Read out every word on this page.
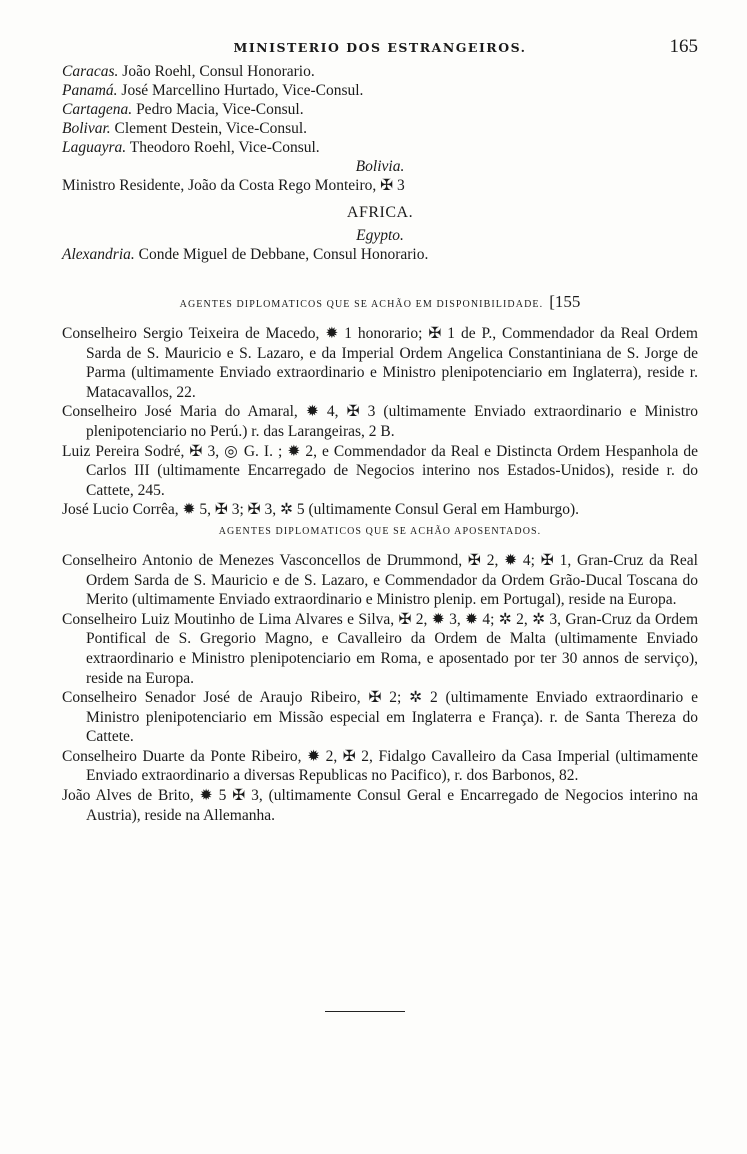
MINISTERIO DOS ESTRANGEIROS.	165
Caracas. João Roehl, Consul Honorario.
Panamá. José Marcellino Hurtado, Vice-Consul.
Cartagena. Pedro Macia, Vice-Consul.
Bolivar. Clement Destein, Vice-Consul.
Laguayra. Theodoro Roehl, Vice-Consul.
Bolivia.
Ministro Residente, João da Costa Rego Monteiro, ✠ 3
AFRICA.
Egypto.
Alexandria. Conde Miguel de Debbane, Consul Honorario.
AGENTES DIPLOMATICOS QUE SE ACHÃO EM DISPONIBILIDADE. [155
Conselheiro Sergio Teixeira de Macedo, ✹ 1 honorario; ✠ 1 de P., Commendador da Real Ordem Sarda de S. Mauricio e S. Lazaro, e da Imperial Ordem Angelica Constantiniana de S. Jorge de Parma (ultimamente Enviado extraordinario e Ministro plenipotenciario em Inglaterra), reside r. Matacavallos, 22.
Conselheiro José Maria do Amaral, ✹ 4, ✠ 3 (ultimamente Enviado extraordinario e Ministro plenipotenciario no Perú.) r. das Larangeiras, 2 B.
Luiz Pereira Sodré, ✠ 3, ◎ G. I. ; ✹ 2, e Commendador da Real e Distincta Ordem Hespanhola de Carlos III (ultimamente Encarregado de Negocios interino nos Estados-Unidos), reside r. do Cattete, 245.
José Lucio Corrêa, ✹ 5, ✠ 3; ✠ 3, ✲ 5 (ultimamente Consul Geral em Hamburgo).
AGENTES DIPLOMATICOS QUE SE ACHÃO APOSENTADOS.
Conselheiro Antonio de Menezes Vasconcellos de Drummond, ✠ 2, ✹ 4; ✠ 1, Gran-Cruz da Real Ordem Sarda de S. Mauricio e de S. Lazaro, e Commendador da Ordem Grão-Ducal Toscana do Merito (ultimamente Enviado extraordinario e Ministro plenip. em Portugal), reside na Europa.
Conselheiro Luiz Moutinho de Lima Alvares e Silva, ✠ 2, ✹ 3, ✹ 4; ✲ 2, ✲ 3, Gran-Cruz da Ordem Pontifical de S. Gregorio Magno, e Cavalleiro da Ordem de Malta (ultimamente Enviado extraordinario e Ministro plenipotenciario em Roma, e aposentado por ter 30 annos de serviço), reside na Europa.
Conselheiro Senador José de Araujo Ribeiro, ✠ 2; ✲ 2 (ultimamente Enviado extraordinario e Ministro plenipotenciario em Missão especial em Inglaterra e França). r. de Santa Thereza do Cattete.
Conselheiro Duarte da Ponte Ribeiro, ✹ 2, ✠ 2, Fidalgo Cavalleiro da Casa Imperial (ultimamente Enviado extraordinario a diversas Republicas no Pacifico), r. dos Barbonos, 82.
João Alves de Brito, ✹ 5 ✠ 3, (ultimamente Consul Geral e Encarregado de Negocios interino na Austria), reside na Allemanha.
